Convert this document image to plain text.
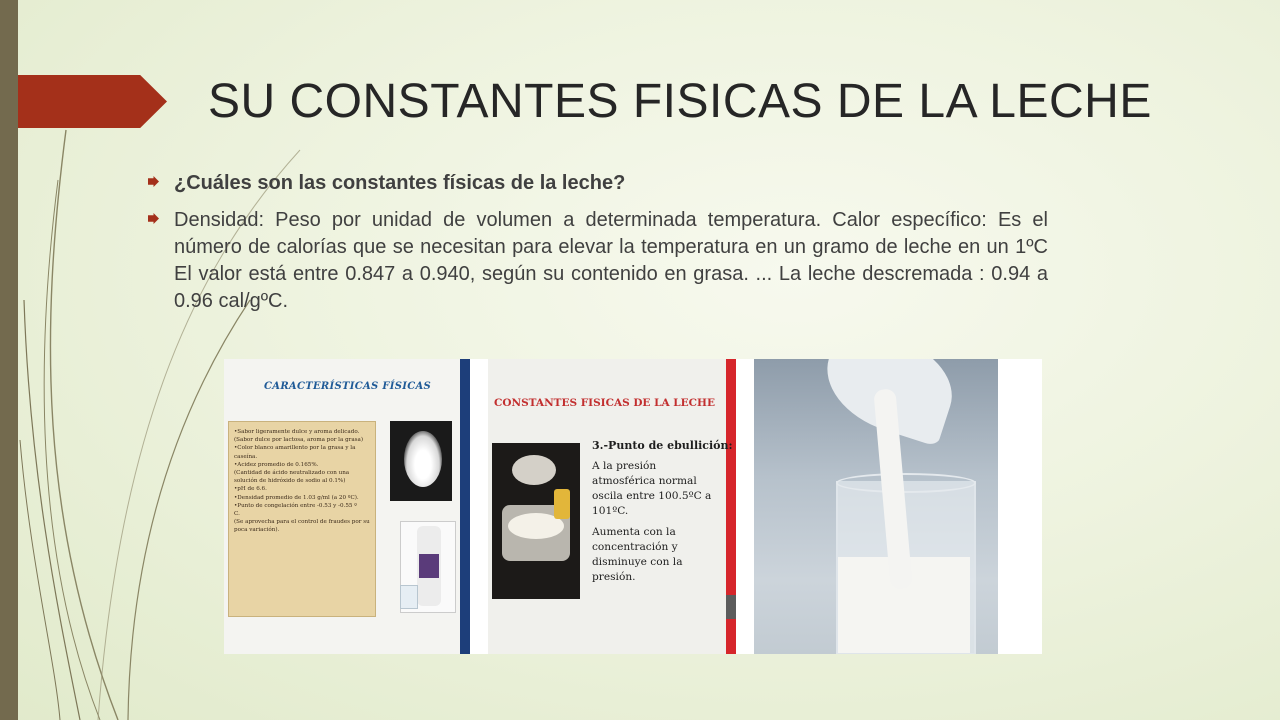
SU CONSTANTES FISICAS DE LA LECHE
¿Cuáles son las constantes físicas de la leche?
Densidad: Peso por unidad de volumen a determinada temperatura. Calor específico: Es el número de calorías que se necesitan para elevar la temperatura en un gramo de leche en un 1ºC El valor está entre 0.847 a 0.940, según su contenido en grasa. ... La leche descremada : 0.94 a 0.96 cal/gºC.
CARACTERÍSTICAS FÍSICAS
•Sabor ligeramente dulce y aroma delicado.
(Sabor dulce por lactosa, aroma por la grasa)
•Color blanco amarillento por la grasa y la
caseína.
•Acidez promedio de 0.165%.
(Cantidad de ácido neutralizado con una
solución de hidróxido de sodio al 0.1%)
•pH de 6.6.
•Densidad promedio de 1.03 g/ml (a 20 ºC).
•Punto de congelación entre -0.53 y -0.55 º
C.
(Se aprovecha para el control de fraudes por su
poca variación).
CONSTANTES FISICAS DE LA LECHE
3.-Punto de ebullición:
A la presión atmosférica normal oscila entre 100.5ºC a 101ºC.
Aumenta con la concentración y disminuye con la presión.
